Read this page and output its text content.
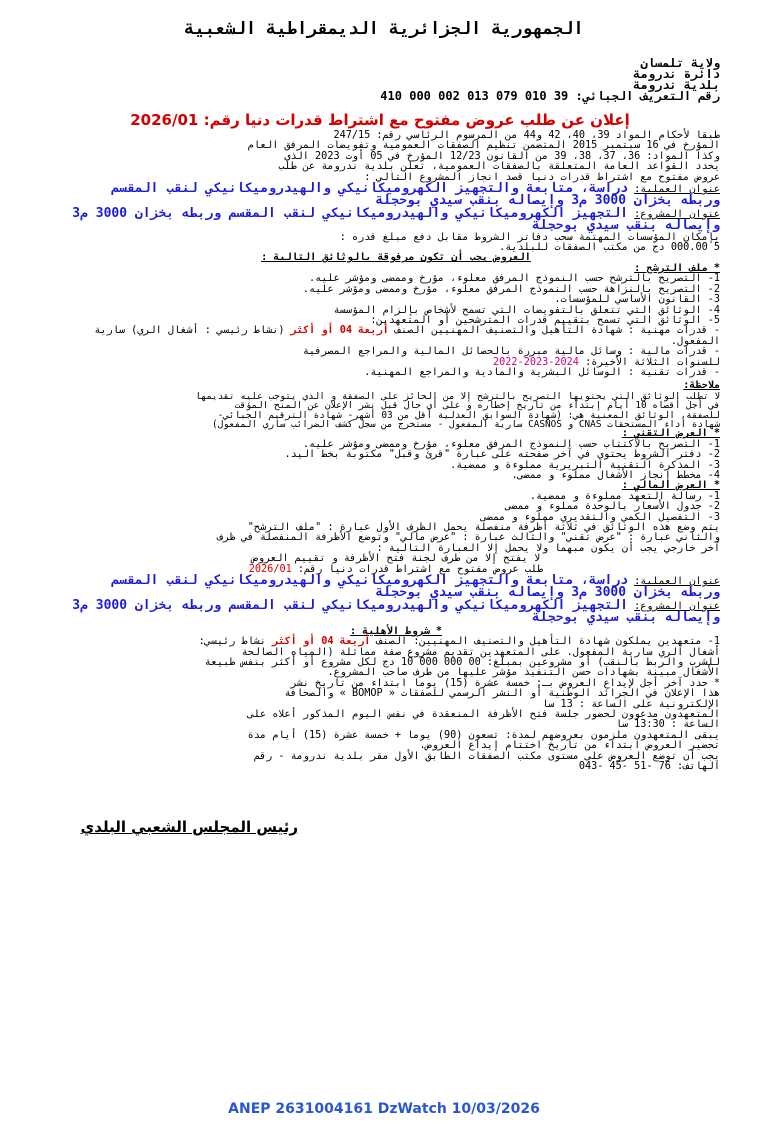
الجمهورية الجزائرية الديمقراطية الشعبية
ولاية تلمسان
دائرة ندرومة
بلدية ندرومة
رقم التعريف الجبائي: 39 010 079 013 002 000 410
إعلان عن طلب عروض مفتوح مع اشتراط قدرات دنيا رقم: 2026/01

طبقا لأحكام المواد 39، 40، 42 و44 من المرسوم الرئاسي رقم: 247/15

المؤرخ في 16 سبتمبر 2015 المتضمن تنظيم الصفقات العمومية وتفويضات المرفق العام

وكذا المواد: 36، 37، 38، 39 من القانون 12/23 المؤرخ في 05 أوت 2023 الذي

يحدد القواعد العامة المتعلقة بالصفقات العمومية، تعلن بلدية ندرومة عن طلب

عروض مفتوح مع اشتراط قدرات دنيا قصد انجاز المشروع التالي :

عنوان العملية: دراسة، متابعة والتجهيز الكهروميكانيكي والهيدروميكانيكي لنقب المقسم وربطه بخزان 3000 م3 وإيصاله بنقب سيدي بوحجلة

عنوان المشروع: التجهيز الكهروميكانيكي والهيدروميكانيكي لنقب المقسم وربطه بخزان 3000 م3 وإيصاله بنقب سيدي بوحجلة

بإمكان المؤسسات المهتمة سحب دفاتر الشروط مقابل دفع مبلغ قدره :

5 000.00 دج من مكتب الصفقات للبلدية.

العروض يجب أن تكون مرفوقة بالوثائق التالية :

* ملف الترشح :

1- التصريح بالترشح حسب النموذج المرفق معلوء، مؤرخ وممضى ومؤشر عليه.

2- التصريح بالنزاهة حسب النموذج المرفق معلوء، مؤرخ وممضى ومؤشر عليه.

3- القانون الأساسي للمؤسسات.

4- الوثائق التي تتعلق بالتفويضات التي تسمح لأشخاص بإلزام المؤسسة

5- الوثائق التي تسمح بتقييم قدرات المترشحين أو المتعهدين:

- قدرات مهنية : شهادة التأهيل والتصنيف المهنيين الصنف أربعة 04 أو أكثر (نشاط رئيسي : أشغال الري) سارية المفعول.

- قدرات مالية : وسائل مالية مبررة بالحصائل المالية والمراجع المصرفية

للسنوات الثلاثة الأخيرة: 2024-2023-2022

- قدرات تقنية : الوسائل البشرية والمادية والمراجع المهنية.

ملاحظة:

لا تطلب الوثائق التي يحتويها التصريح بالترشح إلا من الحائز على الصفقة و الذي يتوجب عليه تقديمها

في أجل أقصاه 10 أيام إبتداء من تاريخ إخطاره و على أي حال قبل نشر الإعلان عن المنح المؤقت

للصفقة، الوثائق المعنية هي: (شهادة السوابق العدلية أقل من 03 أشهر- شهادة الترقيم الجبائي-

شهادة أداء المستحقات CNAS و CASNOS سارية المفعول - مستخرج من سجل كشف الضرائب ساري المفعول)

* العرض التقني :

1- التصريح بالاكتتاب حسب النموذج المرفق معلوء، مؤرخ وممضى ومؤشر عليه.

2- دفتر الشروط يحتوي في آخر صفحته على عبارة "قرئ وقبل" مكتوبة بخط اليد.

3- المذكرة التقنية التبريرية مملوءة و ممضية.

4- مخطط إنجاز الأشغال مملوء و ممضى.

* العرض المالي :

1- رسالة التعهد مملوءة و ممضية.

2- جدول الأسعار بالوحدة مملوء و ممضى

3- التفصيل الكمي والتقديري مملوء و ممضى

يتم وضع هذه الوثائق في ثلاثة أظرفة منفصلة يحمل الظرف الأول عبارة : "ملف الترشح"

والثاني عبارة : "عرض تقني" والثالث عبارة : "عرض مالي" وتوضع الأظرفة المنفصلة في ظرف

آخر خارجي يجب أن يكون مبهما ولا يحمل إلا العبارة التالية :

لا يفتح إلا من طرف لجنة فتح الأظرفة و تقييم العروض

طلب عروض مفتوح مع اشتراط قدرات دنيا رقم: 2026/01

عنوان العملية: دراسة، متابعة والتجهيز الكهروميكانيكي والهيدروميكانيكي لنقب المقسم وربطه بخزان 3000 م3 وإيصاله بنقب سيدي بوحجلة

عنوان المشروع: التجهيز الكهروميكانيكي والهيدروميكانيكي لنقب المقسم وربطه بخزان 3000 م3 وإيصاله بنقب سيدي بوحجلة

* شروط الأهلية :

1- متعهدين يملكون شهادة التأهيل والتصنيف المهنيين: الصنف أربعة 04 أو أكثر نشاط رئيسي:

أشغال الري سارية المفعول. على المتعهدين تقديم مشروع صفة مماثلة (المياه الصالحة

للشرب والربط بالنقب) أو مشروعين بمبلغ: 00 000 000 10 دج لكل مشروع أو أكثر بنفس طبيعة

الأشغال مبينة بشهادات حسن التنفيذ مؤشر عليها من طرف صاحب المشروع.

* حدد آخر أجل لإيداع العروض بـ: خمسة عشرة (15) يوما ابتداء من تاريخ نشر

هذا الإعلان في الجرائد الوطنية أو النشر الرسمي للصفقات « BOMOP » والصحافة

الإلكترونية على الساعة : 13 سا

المتعهدون مدعوون لحضور جلسة فتح الأظرفة المنعقدة في نفس اليوم المذكور أعلاه على

الساعة : 13:30 سا

يبقى المتعهدون ملزمون بعروضهم لمدة: تسعون (90) يوما + خمسة عشرة (15) أيام مدة

تحضير العروض ابتداء من تاريخ اختتام إيداع العروض.

يجب أن توضع العروض على مستوى مكتب الصفقات الطابق الأول مقر بلدية ندرومة - رقم

الهاتف: 76 -51 -45 -043

رئيس المجلس الشعبي البلدي
ANEP 2631004161 DzWatch 10/03/2026
